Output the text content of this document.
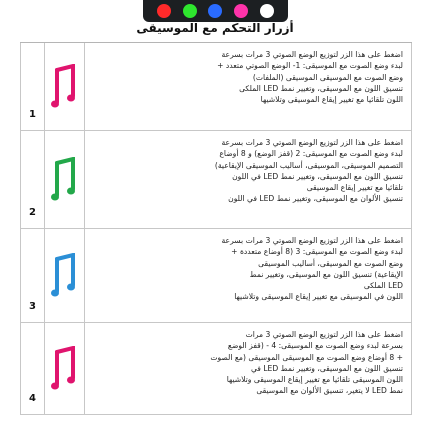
أزرار التحكم مع الموسيقى
1
اضغط على هذا الزر لتوزيع الوضع الصوتي 3 مرات بسرعة
لبدء وضع الصوت مع الموسيقى: 1- الوضع الصوتي متعدد +
وضع الصوت مع الموسيقى الموسيقى (الملفات)
تنسيق اللون مع الموسيقى، وتغيير نمط LED الملكى
اللون تلقائيا مع تغيير إيقاع الموسيقى وتلاشيها
2
اضغط على هذا الزر لتوزيع الوضع الصوتي 3 مرات بسرعة
لبدء وضع الصوت مع الموسيقى: 2 (قفز الوضع) و 8 أوضاع
التصميم الموسيقى، الموسيقى، أساليب الموسيقى الإيقاعية)
تنسيق اللون مع الموسيقى، وتغيير نمط LED في اللون
تلقائيا مع تغيير إيقاع الموسيقى
تنسيق الألوان مع الموسيقى، وتغيير نمط LED في اللون
3
اضغط على هذا الزر لتوزيع الوضع الصوتي 3 مرات بسرعة
لبدء وضع الصوت مع الموسيقى: 3 (8 أوضاع متعددة +
وضع الصوت مع الموسيقى، أساليب الموسيقى
الإيقاعية) تنسيق اللون مع الموسيقى، وتغيير نمط
LED الملكى
اللون في الموسيقى مع تغيير إيقاع الموسيقى وتلاشيها
4
اضغط على هذا الزر لتوزيع الوضع الصوتي 3 مرات
بسرعة لبدء وضع الصوت مع الموسيقى: 4 - (قفز الوضع
+ 8 أوضاع وضع الصوت مع الموسيقى الموسيقى (مع الصوت
تنسيق اللون مع الموسيقى، وتغيير نمط LED في
اللون الموسيقى تلقائيا مع تغيير إيقاع الموسيقى وتلاشيها
نمط LED لا يتغير، تنسيق الألوان مع الموسيقى
